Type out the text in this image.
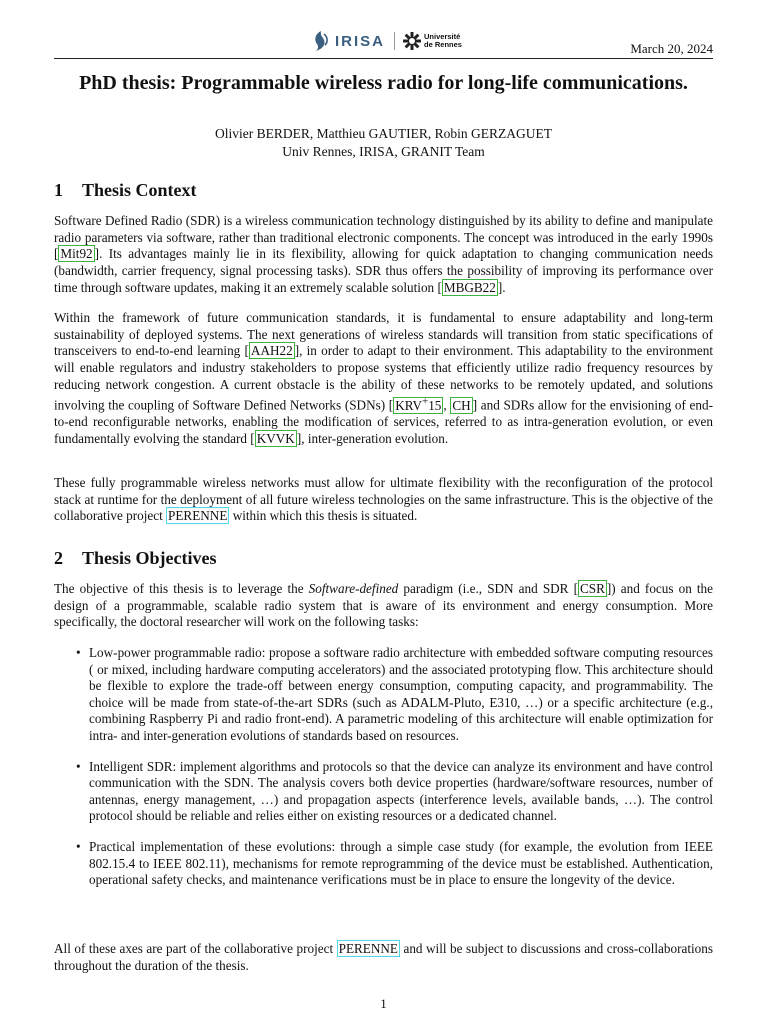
IRISA	Université
de Rennes	March 20, 2024
PhD thesis: Programmable wireless radio for long-life communications.
Olivier BERDER, Matthieu GAUTIER, Robin GERZAGUET
Univ Rennes, IRISA, GRANIT Team
1 Thesis Context

Software Defined Radio (SDR) is a wireless communication technology distinguished by its ability to define and manipulate radio parameters via software, rather than traditional electronic components. The concept was introduced in the early 1990s [ Mit92 ]. Its advantages mainly lie in its flexibility, allowing for quick adaptation to changing communication needs (bandwidth, carrier frequency, signal processing tasks). SDR thus offers the possibility of improving its performance over time through software updates, making it an extremely scalable solution [ MBGB22 ].

Within the framework of future communication standards, it is fundamental to ensure adaptability and long-term sustainability of deployed systems. The next generations of wireless standards will transition from static specifications of transceivers to end-to-end learning [ AAH22 ], in order to adapt to their environment. This adaptability to the environment will enable regulators and industry stakeholders to propose systems that efficiently utilize radio frequency resources by reducing network congestion. A current obstacle is the ability of these networks to be remotely updated, and solutions involving the coupling of Software Defined Networks (SDNs) [ KRV+15 , CH ] and SDRs allow for the envisioning of end-to-end reconfigurable networks, enabling the modification of services, referred to as intra-generation evolution, or even fundamentally evolving the standard [ KVVK ], inter-generation evolution.

These fully programmable wireless networks must allow for ultimate flexibility with the reconfiguration of the protocol stack at runtime for the deployment of all future wireless technologies on the same infrastructure. This is the objective of the collaborative project PERENNE within which this thesis is situated.

2 Thesis Objectives

The objective of this thesis is to leverage the Software-defined paradigm (i.e., SDN and SDR [ CSR ]) and focus on the design of a programmable, scalable radio system that is aware of its environment and energy consumption. More specifically, the doctoral researcher will work on the following tasks:

• Low-power programmable radio: propose a software radio architecture with embedded software computing resources ( or mixed, including hardware computing accelerators) and the associated prototyping flow. This architecture should be flexible to explore the trade-off between energy consumption, computing capacity, and programmability. The choice will be made from state-of-the-art SDRs (such as ADALM-Pluto, E310, …) or a specific architecture (e.g., combining Raspberry Pi and radio front-end). A parametric modeling of this architecture will enable optimization for intra- and inter-generation evolutions of standards based on resources.
• Intelligent SDR: implement algorithms and protocols so that the device can analyze its environment and have control communication with the SDN. The analysis covers both device properties (hardware/software resources, number of antennas, energy management, …) and propagation aspects (interference levels, available bands, …). The control protocol should be reliable and relies either on existing resources or a dedicated channel.
• Practical implementation of these evolutions: through a simple case study (for example, the evolution from IEEE 802.15.4 to IEEE 802.11), mechanisms for remote reprogramming of the device must be established. Authentication, operational safety checks, and maintenance verifications must be in place to ensure the longevity of the device.

All of these axes are part of the collaborative project PERENNE and will be subject to discussions and cross-collaborations throughout the duration of the thesis.

1
